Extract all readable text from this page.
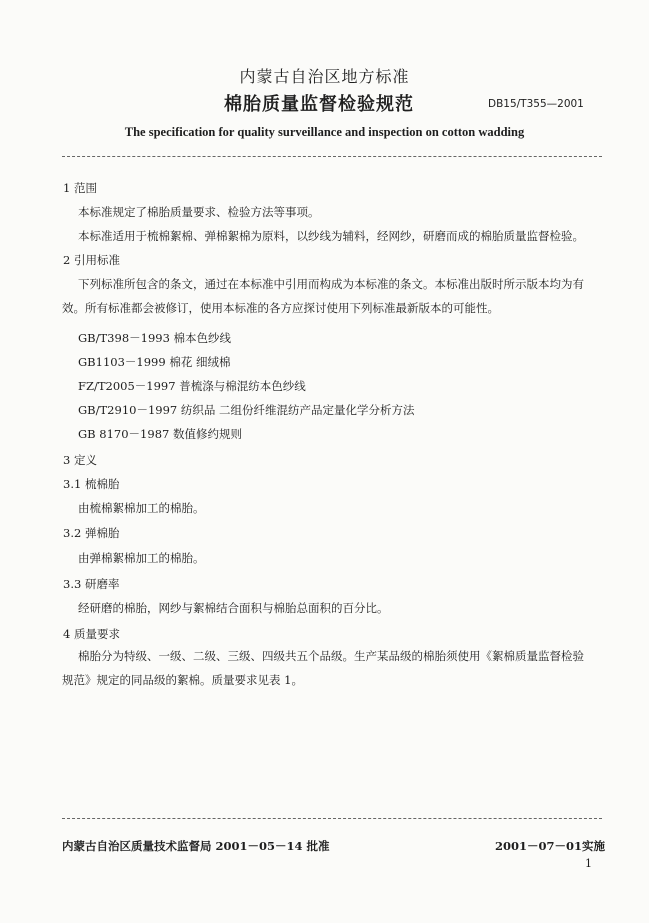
内蒙古自治区地方标准
棉胎质量监督检验规范	DB15/T355—2001
The specification for quality surveillance and inspection on cotton wadding
1 范围
本标准规定了棉胎质量要求、检验方法等事项。
本标准适用于梳棉絮棉、弹棉絮棉为原料，以纱线为辅料，经网纱，研磨而成的棉胎质量监督检验。
2 引用标准
下列标准所包含的条文，通过在本标准中引用而构成为本标准的条文。本标准出版时所示版本均为有效。所有标准都会被修订，使用本标准的各方应探讨使用下列标准最新版本的可能性。
GB/T398－1993 棉本色纱线
GB1103－1999 棉花 细绒棉
FZ/T2005－1997 普梳涤与棉混纺本色纱线
GB/T2910－1997 纺织品 二组份纤维混纺产品定量化学分析方法
GB 8170－1987 数值修约规则
3 定义
3.1 梳棉胎
由梳棉絮棉加工的棉胎。
3.2 弹棉胎
由弹棉絮棉加工的棉胎。
3.3 研磨率
经研磨的棉胎，网纱与絮棉结合面积与棉胎总面积的百分比。
4 质量要求
棉胎分为特级、一级、二级、三级、四级共五个品级。生产某品级的棉胎须使用《絮棉质量监督检验规范》规定的同品级的絮棉。质量要求见表 1。
内蒙古自治区质量技术监督局 2001－05－14 批准	2001－07－01实施
1
